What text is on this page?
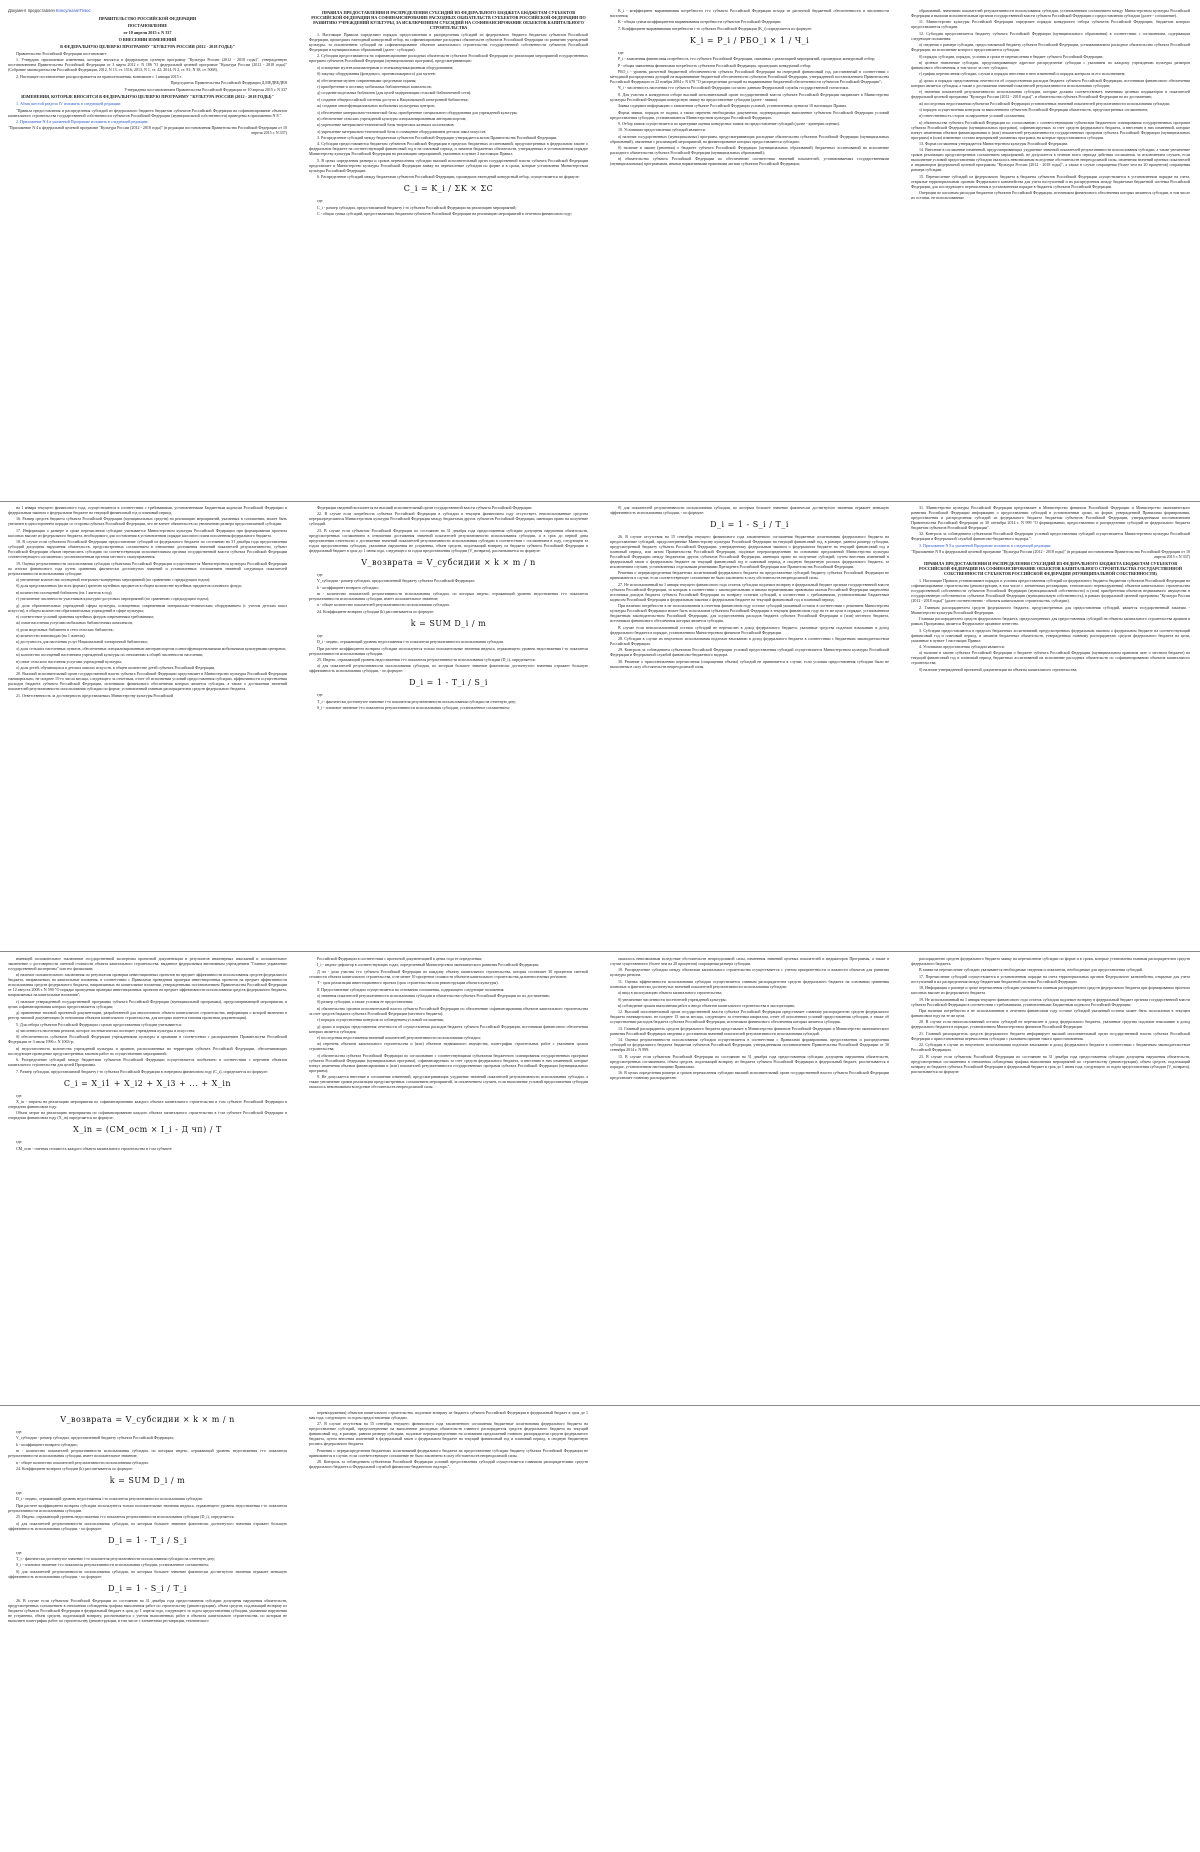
Документ предоставлен КонсультантПлюс
ПРАВИТЕЛЬСТВО РОССИЙСКОЙ ФЕДЕРАЦИИ
ПОСТАНОВЛЕНИЕ
от 10 апреля 2015 г. N 337
О ВНЕСЕНИИ ИЗМЕНЕНИЙ
В ФЕДЕРАЛЬНУЮ ЦЕЛЕВУЮ ПРОГРАММУ "КУЛЬТУРА РОССИИ (2012 - 2018 ГОДЫ)"
Правительство Российской Федерации постановляет:
1. Утвердить прилагаемые изменения, которые вносятся в федеральную целевую программу "Культура России (2012 - 2018 годы)", утвержденную постановлением Правительства Российской Федерации от 3 марта 2012 г. N 186 "О федеральной целевой программе "Культура России (2012 - 2018 годы)" (Собрание законодательства Российской Федерации, 2012, N 13, ст. 1516; 2013, N 1, ст. 42; 2014, N 2, ст. 81; N 38, ст. 5068).
2. Настоящее постановление распространяется на правоотношения, возникшие с 1 января 2015 г.
Председатель Правительства Российской Федерации Д.МЕДВЕДЕВ
Утверждены постановлением Правительства Российской Федерации от 10 апреля 2015 г. N 337
ИЗМЕНЕНИЯ, КОТОРЫЕ ВНОСЯТСЯ В ФЕДЕРАЛЬНУЮ ЦЕЛЕВУЮ ПРОГРАММУ "КУЛЬТУРА РОССИИ (2012 - 2018 ГОДЫ)"
1. Абзац шестой раздела IV изложить в следующей редакции:
"Правила предоставления и распределения субсидий из федерального бюджета бюджетам субъектов Российской Федерации на софинансирование объектов капитального строительства государственной собственности субъектов Российской Федерации (муниципальной собственности) приведены в приложении N 8.".
2. Приложение N 4 к указанной Программе изложить в следующей редакции:
"Приложение N 4 к федеральной целевой программе "Культура России (2012 - 2018 годы)" (в редакции постановления Правительства Российской Федерации от 10 апреля 2015 г. N 337)
ПРАВИЛА ПРЕДОСТАВЛЕНИЯ И РАСПРЕДЕЛЕНИЯ СУБСИДИЙ ИЗ ФЕДЕРАЛЬНОГО БЮДЖЕТА БЮДЖЕТАМ СУБЪЕКТОВ РОССИЙСКОЙ ФЕДЕРАЦИИ НА СОФИНАНСИРОВАНИЕ РАСХОДНЫХ ОБЯЗАТЕЛЬСТВ СУБЪЕКТОВ РОССИЙСКОЙ ФЕДЕРАЦИИ ПО РАЗВИТИЮ УЧРЕЖДЕНИЙ КУЛЬТУРЫ, ЗА ИСКЛЮЧЕНИЕМ СУБСИДИЙ НА СОФИНАНСИРОВАНИЕ ОБЪЕКТОВ КАПИТАЛЬНОГО СТРОИТЕЛЬСТВА
1. Настоящие Правила определяют порядок предоставления и распределения субсидий из федерального бюджета бюджетам субъектов Российской Федерации, прошедших ежегодный конкурсный отбор, на софинансирование расходных обязательств субъектов Российской Федерации по развитию учреждений культуры, за исключением субсидий на софинансирование объектов капитального строительства государственной собственности субъектов Российской Федерации и муниципальных образований (далее - субсидии).
2. Субсидии предоставляются на софинансирование расходных обязательств субъектов Российской Федерации по реализации мероприятий государственных программ субъектов Российской Федерации (муниципальных программ), предусматривающих:
а) оснащение музеев компьютерным и телекоммуникационным оборудованием;
б) закупку оборудования (фондового, противопожарного) для музеев;
в) обеспечение музеев современными средствами охраны;
г) приобретение и поставку мобильных библиотечных комплексов;
д) создание модельных библиотек (для целей модернизации сельской библиотечной сети);
е) создание общероссийской системы доступа к Национальной электронной библиотеке;
ж) создание многофункциональных мобильных культурных центров;
з) обеспечение материально-технической базы, приобретение специального оборудования для учреждений культуры;
и) обеспечение сельских учреждений культуры специализированным автотранспортом;
к) укрепление материально-технической базы творческих казачьих коллективов;
л) укрепление материально-технической базы и оснащение оборудованием детских школ искусств.
3. Распределение субсидий между бюджетами субъектов Российской Федерации утверждается актом Правительства Российской Федерации.
4. Субсидии предоставляются бюджетам субъектов Российской Федерации в пределах бюджетных ассигнований, предусмотренных в федеральном законе о федеральном бюджете на соответствующий финансовый год и на плановый период, и лимитов бюджетных обязательств, утвержденных в установленном порядке Министерству культуры Российской Федерации на реализацию мероприятий, указанных в пункте 2 настоящих Правил.
5. В целях определения размера и сроков перечисления субсидии высший исполнительный орган государственной власти субъекта Российской Федерации представляет в Министерство культуры Российской Федерации заявку на перечисление субсидии по форме и в сроки, которые установлены Министерством культуры Российской Федерации.
6. Распределение субсидий между бюджетами субъектов Российской Федерации, прошедших ежегодный конкурсный отбор, осуществляется по формуле:
C_i = K_i / ΣK × ΣC
где:
C_i - размер субсидии, предоставляемой бюджету i-го субъекта Российской Федерации на реализацию мероприятий;
C - общая сумма субсидий, предоставляемых бюджетам субъектов Российской Федерации на реализацию мероприятий в отчетном финансовом году;
K_i - коэффициент выравнивания потребности i-го субъекта Российской Федерации исходя из расчетной бюджетной обеспеченности и численности населения;
K - общая сумма коэффициентов выравнивания потребности субъектов Российской Федерации.
7. Коэффициент выравнивания потребности i-го субъекта Российской Федерации (K_i) определяется по формуле:
K_i = P_i / РБО_i × 1 / Ч_i
где:
P_i - заявленная финансовая потребность i-го субъекта Российской Федерации, связанная с реализацией мероприятий, прошедших конкурсный отбор;
P - общая заявленная финансовая потребность субъектов Российской Федерации, прошедших конкурсный отбор;
РБО_i - уровень расчетной бюджетной обеспеченности субъекта Российской Федерации на очередной финансовый год, рассчитанный в соответствии с методикой распределения дотаций на выравнивание бюджетной обеспеченности субъектов Российской Федерации, утвержденной постановлением Правительства Российской Федерации от 22 ноября 2004 г. N 670 "О распределении дотаций на выравнивание бюджетной обеспеченности субъектов Российской Федерации";
Ч_i - численность населения i-го субъекта Российской Федерации согласно данным Федеральной службы государственной статистики.
8. Для участия в конкурсном отборе высший исполнительный орган государственной власти субъекта Российской Федерации направляет в Министерство культуры Российской Федерации конкурсную заявку на предоставление субсидии (далее - заявка).
Заявка содержит информацию о заявленном субъекте Российской Федерации условий, установленных пунктом 10 настоящих Правил.
Форма заявки, порядок ее подачи, а также перечень необходимых документов, подтверждающих выполнение субъектом Российской Федерации условий предоставления субсидии, устанавливаются Министерством культуры Российской Федерации.
9. Отбор заявок осуществляется по критериям оценки конкурсных заявок на предоставление субсидий (далее - критерии оценки).
10. Условиями предоставления субсидий являются:
а) наличие государственных (муниципальных) программ, предусматривающих расходные обязательства субъектов Российской Федерации (муниципальных образований), связанные с реализацией мероприятий, на финансирование которых предоставляются субсидии;
б) наличие в законе (решении) о бюджете субъекта Российской Федерации (муниципальных образований) бюджетных ассигнований на исполнение расходного обязательства субъекта Российской Федерации (муниципальных образований);
в) обязательство субъекта Российской Федерации по обеспечению соответствия значений показателей, устанавливаемых государственными (муниципальными) программами, иными нормативными правовыми актами субъектов Российской Федерации;
образований, значениям показателей результативности использования субсидии, установленным соглашением между Министерством культуры Российской Федерации и высшим исполнительным органом государственной власти субъекта Российской Федерации о предоставлении субсидии (далее - соглашение).
11. Министерство культуры Российской Федерации определяет порядок конкурсного отбора субъектов Российской Федерации, бюджетам которых предоставляются субсидии.
12. Субсидия предоставляется бюджету субъекта Российской Федерации (муниципального образования) в соответствии с соглашением, содержащим следующие положения:
а) сведения о размере субсидии, предоставляемой бюджету субъекта Российской Федерации, устанавливаемом расходное обязательство субъекта Российской Федерации, на исполнение которого предоставляется субсидия;
б) порядок субсидии, порядок, условия и сроки ее перечисления в бюджет субъекта Российской Федерации;
в) целевое назначение субсидии, предусматривающее адресное распределение субсидии с указанием по каждому учреждению культуры размеров финансового обеспечения, в том числе за счет субсидии;
г) график перечисления субсидии, случаи и порядок внесения в него изменений и порядок контроля за его исполнением;
д) сроки и порядок представления отчетности об осуществлении расходов бюджета субъекта Российской Федерации, источником финансового обеспечения которых является субсидия, а также о достижении значений показателей результативности использования субсидии;
е) значения показателей результативности использования субсидии, которые должны соответствовать значениям целевых индикаторов и показателей федеральной целевой программы "Культура России (2012 - 2018 годы)", и обязательства субъекта Российской Федерации по их достижению;
ж) последствия недостижения субъектом Российской Федерации установленных значений показателей результативности использования субсидии;
з) порядок осуществления контроля за выполнением субъектом Российской Федерации обязательств, предусмотренных соглашением;
и) ответственность сторон за нарушение условий соглашения;
к) обязательства субъекта Российской Федерации по согласованию с соответствующими субъектами бюджетного планирования государственных программ субъекта Российской Федерации (муниципальных программ), софинансируемых за счет средств федерального бюджета, и внесению в них изменений, которые влекут изменения объемов финансирования и (или) показателей результативности государственных программ субъекта Российской Федерации (муниципальных программ) и (или) изменение состава мероприятий указанных программ, на которые предоставляются субсидии.
13. Форма соглашения утверждается Министерством культуры Российской Федерации.
14. Внесение в соглашение изменений, предусматривающих ухудшение значений показателей результативности использования субсидии, а также увеличение сроков реализации предусмотренных соглашением мероприятий, не допускается в течение всего периода действия соглашения, за исключением случаев, если выполнение условий предоставления субсидии оказалось невозможным вследствие обстоятельств непреодолимой силы, изменения значений целевых показателей и индикаторов федеральной целевой программы "Культура России (2012 - 2018 годы)", а также в случае сокращения (более чем на 20 процентов) сокращения размера субсидии.
15. Перечисление субсидий из федерального бюджета в бюджеты субъектов Российской Федерации осуществляется в установленном порядке на счета, открытые территориальным органам Федерального казначейства для учета поступлений и их распределения между бюджетами бюджетной системы Российской Федерации, для последующего перечисления в установленном порядке в бюджеты субъектов Российской Федерации.
Операции по кассовым расходам бюджетов субъектов Российской Федерации, источником финансового обеспечения которых являются субсидии, в том числе их остатки, не использованные
на 1 января текущего финансового года, осуществляются в соответствии с требованиями, установленными Бюджетным кодексом Российской Федерации и федеральным законом о федеральном бюджете на текущий финансовый год и плановый период.
16. Размер средств бюджета субъекта Российской Федерации (муниципальных средств) на реализацию мероприятий, указанных в соглашении, может быть увеличен в одностороннем порядке со стороны субъекта Российской Федерации, что не влечет обязательств по увеличению размера предоставляемой субсидии.
17. Информация о размере и сроке перечисления субсидии учитывается Министерством культуры Российской Федерации при формировании прогноза кассовых выплат из федерального бюджета, необходимого для составления в установленном порядке кассового плана исполнения федерального бюджета.
18. В случае если субъектом Российской Федерации предоставление субсидий из федерального бюджета по состоянию на 31 декабря года предоставления субсидий допущены нарушения обязательств, предусмотренных соглашением в отношении достижения значений показателей результативности, субъект Российской Федерации обязан перечислить субсидию по соответствующим исполнительным органам государственной власти субъекта Российской Федерации соответствующего соглашения с уполномоченным органом местного самоуправления.
19. Оценка результативности использования субсидии субъектами Российской Федерации осуществляется Министерством культуры Российской Федерации по итогам финансового года путем сравнения фактически достигнутых значений и установленных соглашением значений следующих показателей результативности использования субсидии:
а) увеличение количества посещений театрально-концертных мероприятий (по сравнению с предыдущим годом);
б) доля представленных (во всех формах) зрителю музейных предметов в общем количестве музейных предметов основного фонда;
в) количество посещений библиотек (на 1 жителя в год);
г) увеличение численности участников культурно-досуговых мероприятий (по сравнению с предыдущим годом);
д) доля образовательных учреждений сферы культуры, оснащенных современным материально-техническим оборудованием (с учетом детских школ искусств), в общем количестве образовательных учреждений в сфере культуры;
е) соответствие условий хранения музейных фондов современным требованиям;
ж) охват населения услугами мобильных библиотечных комплексов;
з) доля модельных библиотек в сети сельских библиотек;
и) количество книговыдач (на 1 жителя);
к) доступность для населения услуг Национальной электронной библиотеки;
л) доля сельских населенных пунктов, обеспеченных специализированным автотранспортом и многофункциональными мобильными культурными центрами;
м) количество посещений населением учреждений культуры по отношению к общей численности населения;
н) охват сельского населения услугами учреждений культуры;
о) доля детей, обучающихся в детских школах искусств, в общем количестве детей субъекта Российской Федерации.
20. Высший исполнительный орган государственной власти субъекта Российской Федерации представляет в Министерство культуры Российской Федерации ежеквартально, не позднее 15-го числа месяца, следующего за отчетным, отчет об исполнении условий предоставления субсидии, эффективности осуществления расходов бюджета субъекта Российской Федерации, источником финансового обеспечения которых является субсидия, а также о достижении значений показателей результативности использования субсидии по форме, установленной главным распорядителем средств федерального бюджета.
21. Ответственность за достоверность представляемых Министерству культуры Российской
Федерации сведений возлагается на высший исполнительный орган государственной власти субъекта Российской Федерации.
22. В случае если потребность субъекта Российской Федерации в субсидии в текущем финансовом году отсутствует, неиспользованные средства перераспределяются Министерством культуры Российской Федерации между бюджетами других субъектов Российской Федерации, имеющих право на получение субсидий.
23. В случае если субъектом Российской Федерации по состоянию на 31 декабря года предоставления субсидии допущены нарушения обязательств, предусмотренных соглашением в отношении достижения значений показателей результативности использования субсидии, и в срок до первой даты представления отчетности о достижении значений показателей результативности использования субсидии в соответствии с соглашением в году, следующем за годом предоставления субсидии, указанные нарушения не устранены, объем средств, подлежащий возврату из бюджета субъекта Российской Федерации в федеральный бюджет в срок до 1 июня года, следующего за годом предоставления субсидии (V_возврата), рассчитывается по формуле:
V_возврата = V_субсидии × k × m / n
где:
V_субсидии - размер субсидии, предоставленной бюджету субъекта Российской Федерации;
k - коэффициент возврата субсидии;
m - количество показателей результативности использования субсидии, по которым индекс, отражающий уровень недостижения i-го показателя результативности использования субсидии, имеет положительное значение;
n - общее количество показателей результативности использования субсидии.
24. Коэффициент возврата субсидии (k) рассчитывается по формуле:
k = SUM D_i / m
где:
D_i - индекс, отражающий уровень недостижения i-го показателя результативности использования субсидии.
При расчете коэффициента возврата субсидии используются только положительные значения индекса, отражающего уровень недостижения i-го показателя результативности использования субсидии.
25. Индекс, отражающий уровень недостижения i-го показателя результативности использования субсидии (D_i), определяется:
а) для показателей результативности использования субсидии, по которым большее значение фактически достигнутого значения отражает большую эффективность использования субсидии, - по формуле:
D_i = 1 - T_i / S_i
где:
T_i - фактически достигнутое значение i-го показателя результативности использования субсидии на отчетную дату;
S_i - плановое значение i-го показателя результативности использования субсидии, установленное соглашением;
б) для показателей результативности использования субсидии, по которым большее значение фактически достигнутого значения отражает меньшую эффективность использования субсидии, - по формуле:
D_i = 1 - S_i / T_i
26. В случае отсутствия на 15 сентября текущего финансового года заключенного соглашения бюджетные ассигнования федерального бюджета на предоставление субсидий, предусмотренные Министерству культуры Российской Федерации на текущий финансовый год, в размере, равном размеру субсидии, предусмотренной бюджету субъекта Российской Федерации, утвержденному федеральным законом о федеральном бюджете на текущий финансовый год и плановый период, или актом Правительства Российской Федерации, подлежат перераспределению на основании предложений Министерства культуры Российской Федерации между бюджетами других субъектов Российской Федерации, имеющих право на получение субсидий, путем внесения изменений в федеральный закон о федеральном бюджете на текущий финансовый год и плановый период, в сводную бюджетную роспись федерального бюджета, за исключением случаев, установленных отдельными решениями Президента Российской Федерации или Правительства Российской Федерации.
Решения о перераспределении бюджетных ассигнований федерального бюджета на предоставление субсидий бюджету субъекта Российской Федерации не принимаются в случае, если соответствующее соглашение не было заключено в силу обстоятельств непреодолимой силы.
27. Не использованный на 1 января текущего финансового года остаток субсидии подлежит возврату в федеральный бюджет органом государственной власти субъекта Российской Федерации, за которым в соответствии с законодательными и иными нормативными правовыми актами Российской Федерации закреплены источники доходов бюджета субъекта Российской Федерации по возврату остатков субсидий, в соответствии с требованиями, установленными Бюджетным кодексом Российской Федерации и федеральным законом о федеральном бюджете на текущий финансовый год и плановый период.
При наличии потребности в не использованном в отчетном финансовом году остатке субсидий указанный остаток в соответствии с решением Министерства культуры Российской Федерации может быть использован субъектом Российской Федерации в текущем финансовом году на те же цели в порядке, установленном бюджетным законодательством Российской Федерации, для осуществления расходов бюджета субъекта Российской Федерации и (или) местного бюджета, источником финансового обеспечения которых является субсидия.
В случае если неиспользованный остаток субсидий не перечислен в доход федерального бюджета, указанные средства подлежат взысканию в доход федерального бюджета в порядке, установленном Министерством финансов Российской Федерации.
28. Субсидии в случае их нецелевого использования подлежат взысканию в доход федерального бюджета в соответствии с бюджетным законодательством Российской Федерации.
29. Контроль за соблюдением субъектами Российской Федерации условий предоставления субсидий осуществляется Министерством культуры Российской Федерации и Федеральной службой финансово-бюджетного надзора.
30. Решение о приостановлении перечисления (сокращении объема) субсидий не принимается в случае, если условия предоставления субсидии были не выполнены в силу обстоятельств непреодолимой силы.
31. Министерство культуры Российской Федерации представляет в Министерство финансов Российской Федерации и Министерство экономического развития Российской Федерации информацию о предоставлении субсидий в установленные сроки, по форме, утвержденной Правилами формирования, предоставления и распределения субсидий из федерального бюджета бюджетам субъектов Российской Федерации, утвержденными постановлением Правительства Российской Федерации от 30 сентября 2014 г. N 999 "О формировании, предоставлении и распределении субсидий из федерального бюджета бюджетам субъектов Российской Федерации".
32. Контроль за соблюдением субъектами Российской Федерации условий предоставления субсидий осуществляется Министерством культуры Российской Федерации и Федеральной службой финансово-бюджетного надзора.".
3. Приложение N 8 к указанной Программе изложить в следующей редакции:
"Приложение N 8 к федеральной целевой программе "Культура России (2012 - 2018 годы)" (в редакции постановления Правительства Российской Федерации от 10 апреля 2015 г. N 337)
ПРАВИЛА ПРЕДОСТАВЛЕНИЯ И РАСПРЕДЕЛЕНИЯ СУБСИДИЙ ИЗ ФЕДЕРАЛЬНОГО БЮДЖЕТА БЮДЖЕТАМ СУБЪЕКТОВ РОССИЙСКОЙ ФЕДЕРАЦИИ НА СОФИНАНСИРОВАНИЕ ОБЪЕКТОВ КАПИТАЛЬНОГО СТРОИТЕЛЬСТВА ГОСУДАРСТВЕННОЙ СОБСТВЕННОСТИ СУБЪЕКТОВ РОССИЙСКОЙ ФЕДЕРАЦИИ (МУНИЦИПАЛЬНОЙ СОБСТВЕННОСТИ)
1. Настоящие Правила устанавливают порядок и условия предоставления субсидий из федерального бюджета бюджетам субъектов Российской Федерации на софинансирование строительства (реконструкции, в том числе с элементами реставрации, технического перевооружения) объектов капитального строительства государственной собственности субъектов Российской Федерации (муниципальной собственности) и (или) приобретения объектов недвижимого имущества в государственную собственность субъектов Российской Федерации (муниципальную собственность), в рамках федеральной целевой программы "Культура России (2012 - 2018 годы)" (далее соответственно - объекты капитального строительства, субсидии).
2. Главным распорядителем средств федерального бюджета, предусмотренных для предоставления субсидий, является государственный заказчик - Министерство культуры Российской Федерации.
Главным распорядителем средств федерального бюджета, предусмотренных для предоставления субсидий на объекты капитального строительства архивов в рамках Программы, является Федеральное архивное агентство.
3. Субсидии предоставляются в пределах бюджетных ассигнований, предусмотренных федеральным законом о федеральном бюджете на соответствующий финансовый год и плановый период, и лимитов бюджетных обязательств, утвержденных главному распорядителю средств федерального бюджета на цели, указанные в пункте 1 настоящих Правил.
4. Условиями предоставления субсидии являются:
а) наличие в законе субъекта Российской Федерации о бюджете субъекта Российской Федерации (муниципальном правовом акте о местном бюджете) на текущий финансовый год и плановый период бюджетных ассигнований на исполнение расходных обязательств по софинансированию объектов капитального строительства;
б) наличие утвержденной проектной документации на объекты капитального строительства;
имеющей положительное заключение государственной экспертизы проектной документации и результатов инженерных изысканий и положительное заключение о достоверности сметной стоимости объекта капитального строительства, выданное федеральным автономным учреждением "Главное управление государственной экспертизы" или его филиалами;
в) наличие положительного заключения по результатам проверки инвестиционных проектов на предмет эффективности использования средств федерального бюджета, направляемых на капитальные вложения, в соответствии с Правилами проведения проверки инвестиционных проектов на предмет эффективности использования средств федерального бюджета, направляемых на капитальные вложения, утвержденными постановлением Правительства Российской Федерации от 12 августа 2008 г. N 590 "О порядке проведения проверки инвестиционных проектов на предмет эффективности использования средств федерального бюджета, направляемых на капитальные вложения";
г) наличие утвержденной государственной программы субъекта Российской Федерации (муниципальной программы), предусматривающей мероприятия, в целях софинансирования которых предоставляется субсидия;
д) применение типовой проектной документации, разработанной для аналогичного объекта капитального строительства, информация о которой включена в реестр типовой документации (в отношении объектов капитального строительства, для которых имеется типовая проектная документация).
5. Для отбора субъектов Российской Федерации с целью предоставления субсидии учитываются:
а) численность населения региона, которое систематически посещает учреждения культуры и искусства;
б) обеспеченность субъектов Российской Федерации учреждениями культуры и архивами в соответствии с распоряжением Правительства Российской Федерации от 3 июля 1996 г. N 1063-р;
в) недостаточность количества учреждений культуры и архивов, расположенных на территории субъекта Российской Федерации, обеспечивающих последующее проведение предусмотренных законом работ по осуществлению мероприятий;
6. Распределение субсидий между бюджетами субъектов Российской Федерации осуществляется пообъектно в соответствии с перечнем объектов капитального строительства для целей Программы.
7. Размер субсидии, предоставляемой бюджету i-го субъекта Российской Федерации в очередном финансовом году (C_i), определяется по формуле:
C_i = X_i1 + X_i2 + X_i3 + ... + X_in
где:
X_in - затраты на реализацию мероприятия по софинансированию каждого объекта капитального строительства в i-ом субъекте Российской Федерации в очередном финансовом году.
Объем затрат на реализацию мероприятия по софинансированию каждого объекта капитального строительства в i-ом субъекте Российской Федерации в очередном финансовом году (X_in) определяется по формуле:
X_in = (CM_ocm × I_i - Д чп) / T
где:
CM_ocm - сметная стоимость каждого объекта капитального строительства в i-ом субъекте
Российской Федерации в соответствии с проектной документацией в ценах года ее определения;
I_i - индекс-дефлятор в соответствующих годах, определенный Министерством экономического развития Российской Федерации;
Д чп - доля участия i-го субъекта Российской Федерации по каждому объекту капитального строительства, которая составляет 30 процентов сметной стоимости объекта капитального строительства, и не менее 10 процентов стоимости объектов капитального строительства дальневосточных регионов;
T - срок реализации инвестиционного проекта (срок строительства или реконструкции объекта культуры).
8. Предоставление субсидии осуществляется на основании соглашения, содержащего следующие положения:
а) значения показателей результативности использования субсидии и обязательства субъекта Российской Федерации по их достижению;
б) размер субсидии, а также условия ее предоставления;
в) обязательство органов исполнительной власти субъекта Российской Федерации по обеспечению софинансирования объектов капитального строительства за счет средств бюджета субъекта Российской Федерации (местного бюджета);
г) порядок осуществления контроля за соблюдением условий соглашения;
д) сроки и порядок представления отчетности об осуществлении расходов бюджета субъекта Российской Федерации, источником финансового обеспечения которых является субсидия;
е) последствия недостижения значений показателей результативности использования субсидии;
ж) перечень объектов капитального строительства и (или) объектов недвижимого имущества, план-график строительных работ с указанием сроков строительства;
з) обязательства субъекта Российской Федерации по согласованию с соответствующими субъектами бюджетного планирования государственных программ субъекта Российской Федерации (муниципальных программ), софинансируемых за счет средств федерального бюджета, и внесению в них изменений, которые влекут изменения объемов финансирования и (или) показателей результативности государственных программ субъекта Российской Федерации (муниципальных программ);
9. Не допускается внесение в соглашение изменений, предусматривающих ухудшение значений показателей результативности использования субсидии, а также увеличение сроков реализации предусмотренных соглашением мероприятий, за исключением случаев, если выполнение условий предоставления субсидии оказалось невозможным вследствие обстоятельств непреодолимой силы.
оказалось невозможным вследствие обстоятельств непреодолимой силы, изменения значений целевых показателей и индикаторов Программы, а также в случае существенного (более чем на 20 процентов) сокращения размера субсидии.
10. Распределение субсидии между объектами капитального строительства осуществляется с учетом приоритетности и важности объектов для развития культуры региона.
11. Оценка эффективности использования субсидии осуществляется главным распорядителем средств федерального бюджета на основании сравнения плановых и фактически достигнутых значений показателей результативности использования субсидии:
а) ввод в эксплуатацию объекта капитального строительства;
б) увеличение численности посетителей учреждений культуры;
в) соблюдение сроков выполнения работ и ввода объектов капитального строительства в эксплуатацию;
12. Высший исполнительный орган государственной власти субъекта Российской Федерации представляет главному распорядителю средств федерального бюджета ежеквартально, не позднее 15 числа месяца, следующего за отчетным кварталом, отчет об исполнении условий предоставления субсидии, а также об осуществлении расходов бюджета субъекта Российской Федерации, источником финансового обеспечения которых является субсидия.
13. Главный распорядитель средств федерального бюджета представляет в Министерство финансов Российской Федерации и Министерство экономического развития Российской Федерации сведения о достижении значений показателей результативности использования субсидий.
14. Оценка результативности использования субсидии осуществляется в соответствии с Правилами формирования, предоставления и распределения субсидий из федерального бюджета бюджетам субъектов Российской Федерации, утвержденными постановлением Правительства Российской Федерации от 30 сентября 2014 г. N 999.
15. В случае если субъектом Российской Федерации по состоянию на 31 декабря года предоставления субсидии допущены нарушения обязательств, предусмотренных соглашением, объем средств, подлежащий возврату из бюджета субъекта Российской Федерации в федеральный бюджет, рассчитывается в порядке, установленном настоящими Правилами.
16. В целях определения размера и сроков перечисления субсидии высший исполнительный орган государственной власти субъекта Российской Федерации представляет главному распорядителю
распорядителю средств федерального бюджета заявку на перечисление субсидии по форме и в сроки, которые установлены главным распорядителем средств федерального бюджета.
В заявке на перечисление субсидии указываются необходимые сведения и показатели, необходимые для предоставления субсидий.
17. Перечисление субсидий осуществляется в установленном порядке на счета территориальных органов Федерального казначейства, открытые для учета поступлений и их распределения между бюджетами бюджетной системы Российской Федерации.
18. Информация о размере и сроке перечисления субсидии учитывается главным распорядителем средств федерального бюджета при формировании прогноза кассовых выплат из федерального бюджета.
19. Не использованный на 1 января текущего финансового года остаток субсидии подлежит возврату в федеральный бюджет органом государственной власти субъекта Российской Федерации в соответствии с требованиями, установленными Бюджетным кодексом Российской Федерации.
При наличии потребности в не использованном в отчетном финансовом году остатке субсидий указанный остаток может быть использован в текущем финансовом году на те же цели.
20. В случае если неиспользованный остаток субсидий не перечислен в доход федерального бюджета, указанные средства подлежат взысканию в доход федерального бюджета в порядке, установленном Министерством финансов Российской Федерации.
21. Главный распорядитель средств федерального бюджета информирует высший исполнительный орган государственной власти субъекта Российской Федерации о приостановлении перечисления субсидии с указанием причин такого приостановления.
22. Субсидии в случае их нецелевого использования подлежат взысканию в доход федерального бюджета в соответствии с бюджетным законодательством Российской Федерации.
23. В случае если субъектом Российской Федерации по состоянию на 31 декабря года предоставления субсидии допущены нарушения обязательств, предусмотренных соглашением в отношении соблюдения графика выполнения мероприятий по строительству (реконструкции), объем средств, подлежащий возврату из бюджета субъекта Российской Федерации в федеральный бюджет в срок до 1 июня года, следующего за годом предоставления субсидии (V_возврата), рассчитывается по формуле:
V_возврата = V_субсидии × k × m / n
где:
V_субсидии - размер субсидии, предоставленной бюджету субъекта Российской Федерации;
k - коэффициент возврата субсидии;
m - количество показателей результативности использования субсидии, по которым индекс, отражающий уровень недостижения i-го показателя результативности использования субсидии, имеет положительное значение;
n - общее количество показателей результативности использования субсидии.
24. Коэффициент возврата субсидии (k) рассчитывается по формуле:
k = SUM D_i / m
где:
D_i - индекс, отражающий уровень недостижения i-го показателя результативности использования субсидии.
При расчете коэффициента возврата субсидии используются только положительные значения индекса, отражающего уровень недостижения i-го показателя результативности использования субсидии.
25. Индекс, отражающий уровень недостижения i-го показателя результативности использования субсидии (D_i), определяется:
а) для показателей результативности использования субсидии, по которым большее значение фактически достигнутого значения отражает большую эффективность использования субсидии, - по формуле:
D_i = 1 - T_i / S_i
где:
T_i - фактически достигнутое значение i-го показателя результативности использования субсидии на отчетную дату;
S_i - плановое значение i-го показателя результативности использования субсидии, установленное соглашением;
б) для показателей результативности использования субсидии, по которым большее значение фактически достигнутого значения отражает меньшую эффективность использования субсидии, - по формуле:
D_i = 1 - S_i / T_i
26. В случае если субъектом Российской Федерации по состоянию на 31 декабря года предоставления субсидии допущены нарушения обязательств, предусмотренных соглашением в отношении соблюдения графика выполнения работ по строительству (реконструкции), объем средств, подлежащий возврату из бюджета субъекта Российской Федерации в федеральный бюджет в срок до 1 апреля года, следующего за годом предоставления субсидии, указанные нарушения не устранены, объем средств, подлежащий возврату, рассчитывается с учетом выполненных работ в объектах капитального строительства, по которым не выполнен план-график работ по строительству (реконструкции, в том числе с элементами реставрации, технического
перевооружения) объектов капитального строительства, подлежит возврату из бюджета субъекта Российской Федерации в федеральный бюджет в срок до 1 мая года, следующего за годом предоставления субсидии.
27. В случае отсутствия на 15 сентября текущего финансового года заключенного соглашения бюджетные ассигнования федерального бюджета на предоставление субсидий, предусмотренные на выполнение расходных обязательств главного распорядителя средств федерального бюджета на текущий финансовый год, в размере, равном размеру субсидии, подлежат перераспределению на основании предложений главного распорядителя средств федерального бюджета, путем внесения изменений в федеральный закон о федеральном бюджете на текущий финансовый год и плановый период, в сводную бюджетную роспись федерального бюджета.
Решения о перераспределении бюджетных ассигнований федерального бюджета на предоставление субсидии бюджету субъекта Российской Федерации не принимаются в случае, если соответствующее соглашение не было заключено в силу обстоятельств непреодолимой силы.
28. Контроль за соблюдением субъектами Российской Федерации условий предоставления субсидий осуществляется главными распорядителями средств федерального бюджета и Федеральной службой финансово-бюджетного надзора.".
